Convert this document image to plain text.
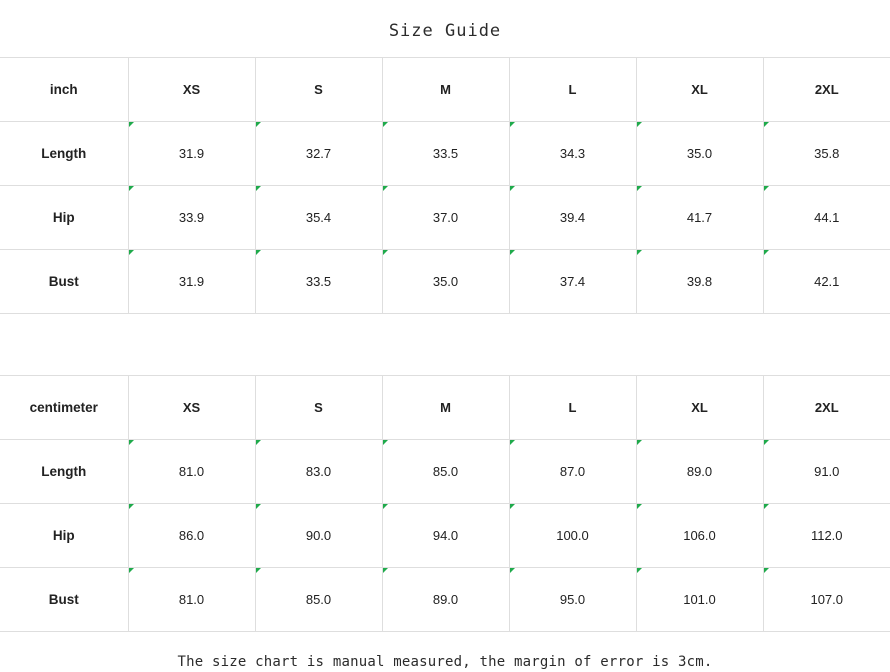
Size Guide
inch	XS	S	M	L	XL	2XL
Length	31.9	32.7	33.5	34.3	35.0	35.8
Hip	33.9	35.4	37.0	39.4	41.7	44.1
Bust	31.9	33.5	35.0	37.4	39.8	42.1
centimeter	XS	S	M	L	XL	2XL
Length	81.0	83.0	85.0	87.0	89.0	91.0
Hip	86.0	90.0	94.0	100.0	106.0	112.0
Bust	81.0	85.0	89.0	95.0	101.0	107.0
The size chart is manual measured, the margin of error is 3cm.
